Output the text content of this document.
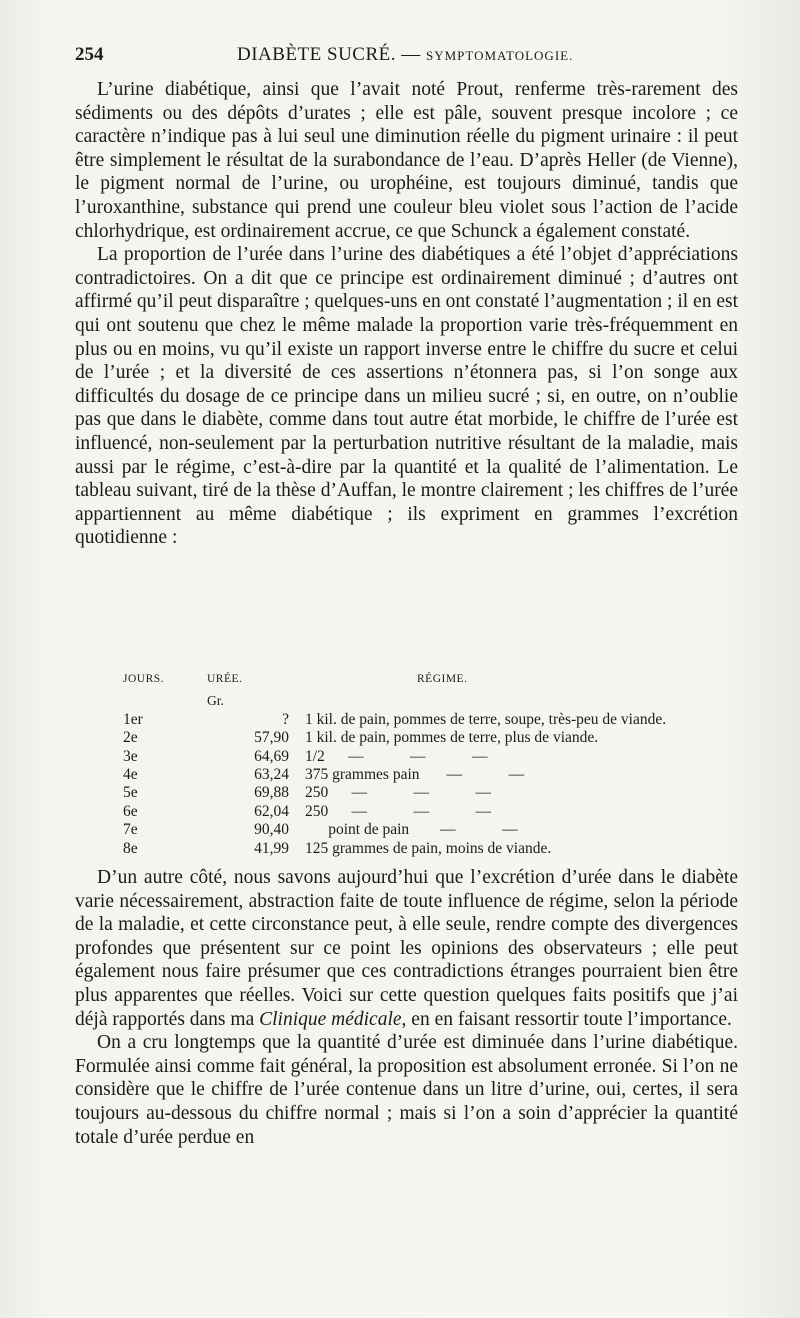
254	DIABÈTE SUCRÉ. — SYMPTOMATOLOGIE.

L’urine diabétique, ainsi que l’avait noté Prout, renferme très-rarement des sédiments ou des dépôts d’urates ; elle est pâle, souvent presque incolore ; ce caractère n’indique pas à lui seul une diminution réelle du pigment urinaire : il peut être simplement le résultat de la surabondance de l’eau. D’après Heller (de Vienne), le pigment normal de l’urine, ou urophéine, est toujours diminué, tandis que l’uroxanthine, substance qui prend une couleur bleu violet sous l’action de l’acide chlorhydrique, est ordinairement accrue, ce que Schunck a également constaté.

La proportion de l’urée dans l’urine des diabétiques a été l’objet d’appréciations contradictoires. On a dit que ce principe est ordinairement diminué ; d’autres ont affirmé qu’il peut disparaître ; quelques-uns en ont constaté l’augmentation ; il en est qui ont soutenu que chez le même malade la proportion varie très-fréquemment en plus ou en moins, vu qu’il existe un rapport inverse entre le chiffre du sucre et celui de l’urée ; et la diversité de ces assertions n’étonnera pas, si l’on songe aux difficultés du dosage de ce principe dans un milieu sucré ; si, en outre, on n’oublie pas que dans le diabète, comme dans tout autre état morbide, le chiffre de l’urée est influencé, non-seulement par la perturbation nutritive résultant de la maladie, mais aussi par le régime, c’est-à-dire par la quantité et la qualité de l’alimentation. Le tableau suivant, tiré de la thèse d’Auffan, le montre clairement ; les chiffres de l’urée appartiennent au même diabétique ; ils expriment en grammes l’excrétion quotidienne :

JOURS.	URÉE.	RÉGIME.
	Gr.	
1er	?	1 kil. de pain, pommes de terre, soupe, très-peu de viande.
2e	57,90	1 kil. de pain, pommes de terre, plus de viande.
3e	64,69	1/2      —            —            —
4e	63,24	375 grammes pain       —            —
5e	69,88	250      —            —            —
6e	62,04	250      —            —            —
7e	90,40	point de pain        —            —
8e	41,99	125 grammes de pain, moins de viande.

D’un autre côté, nous savons aujourd’hui que l’excrétion d’urée dans le diabète varie nécessairement, abstraction faite de toute influence de régime, selon la période de la maladie, et cette circonstance peut, à elle seule, rendre compte des divergences profondes que présentent sur ce point les opinions des observateurs ; elle peut également nous faire présumer que ces contradictions étranges pourraient bien être plus apparentes que réelles. Voici sur cette question quelques faits positifs que j’ai déjà rapportés dans ma Clinique médicale, en en faisant ressortir toute l’importance.

On a cru longtemps que la quantité d’urée est diminuée dans l’urine diabétique. Formulée ainsi comme fait général, la proposition est absolument erronée. Si l’on ne considère que le chiffre de l’urée contenue dans un litre d’urine, oui, certes, il sera toujours au-dessous du chiffre normal ; mais si l’on a soin d’apprécier la quantité totale d’urée perdue en
